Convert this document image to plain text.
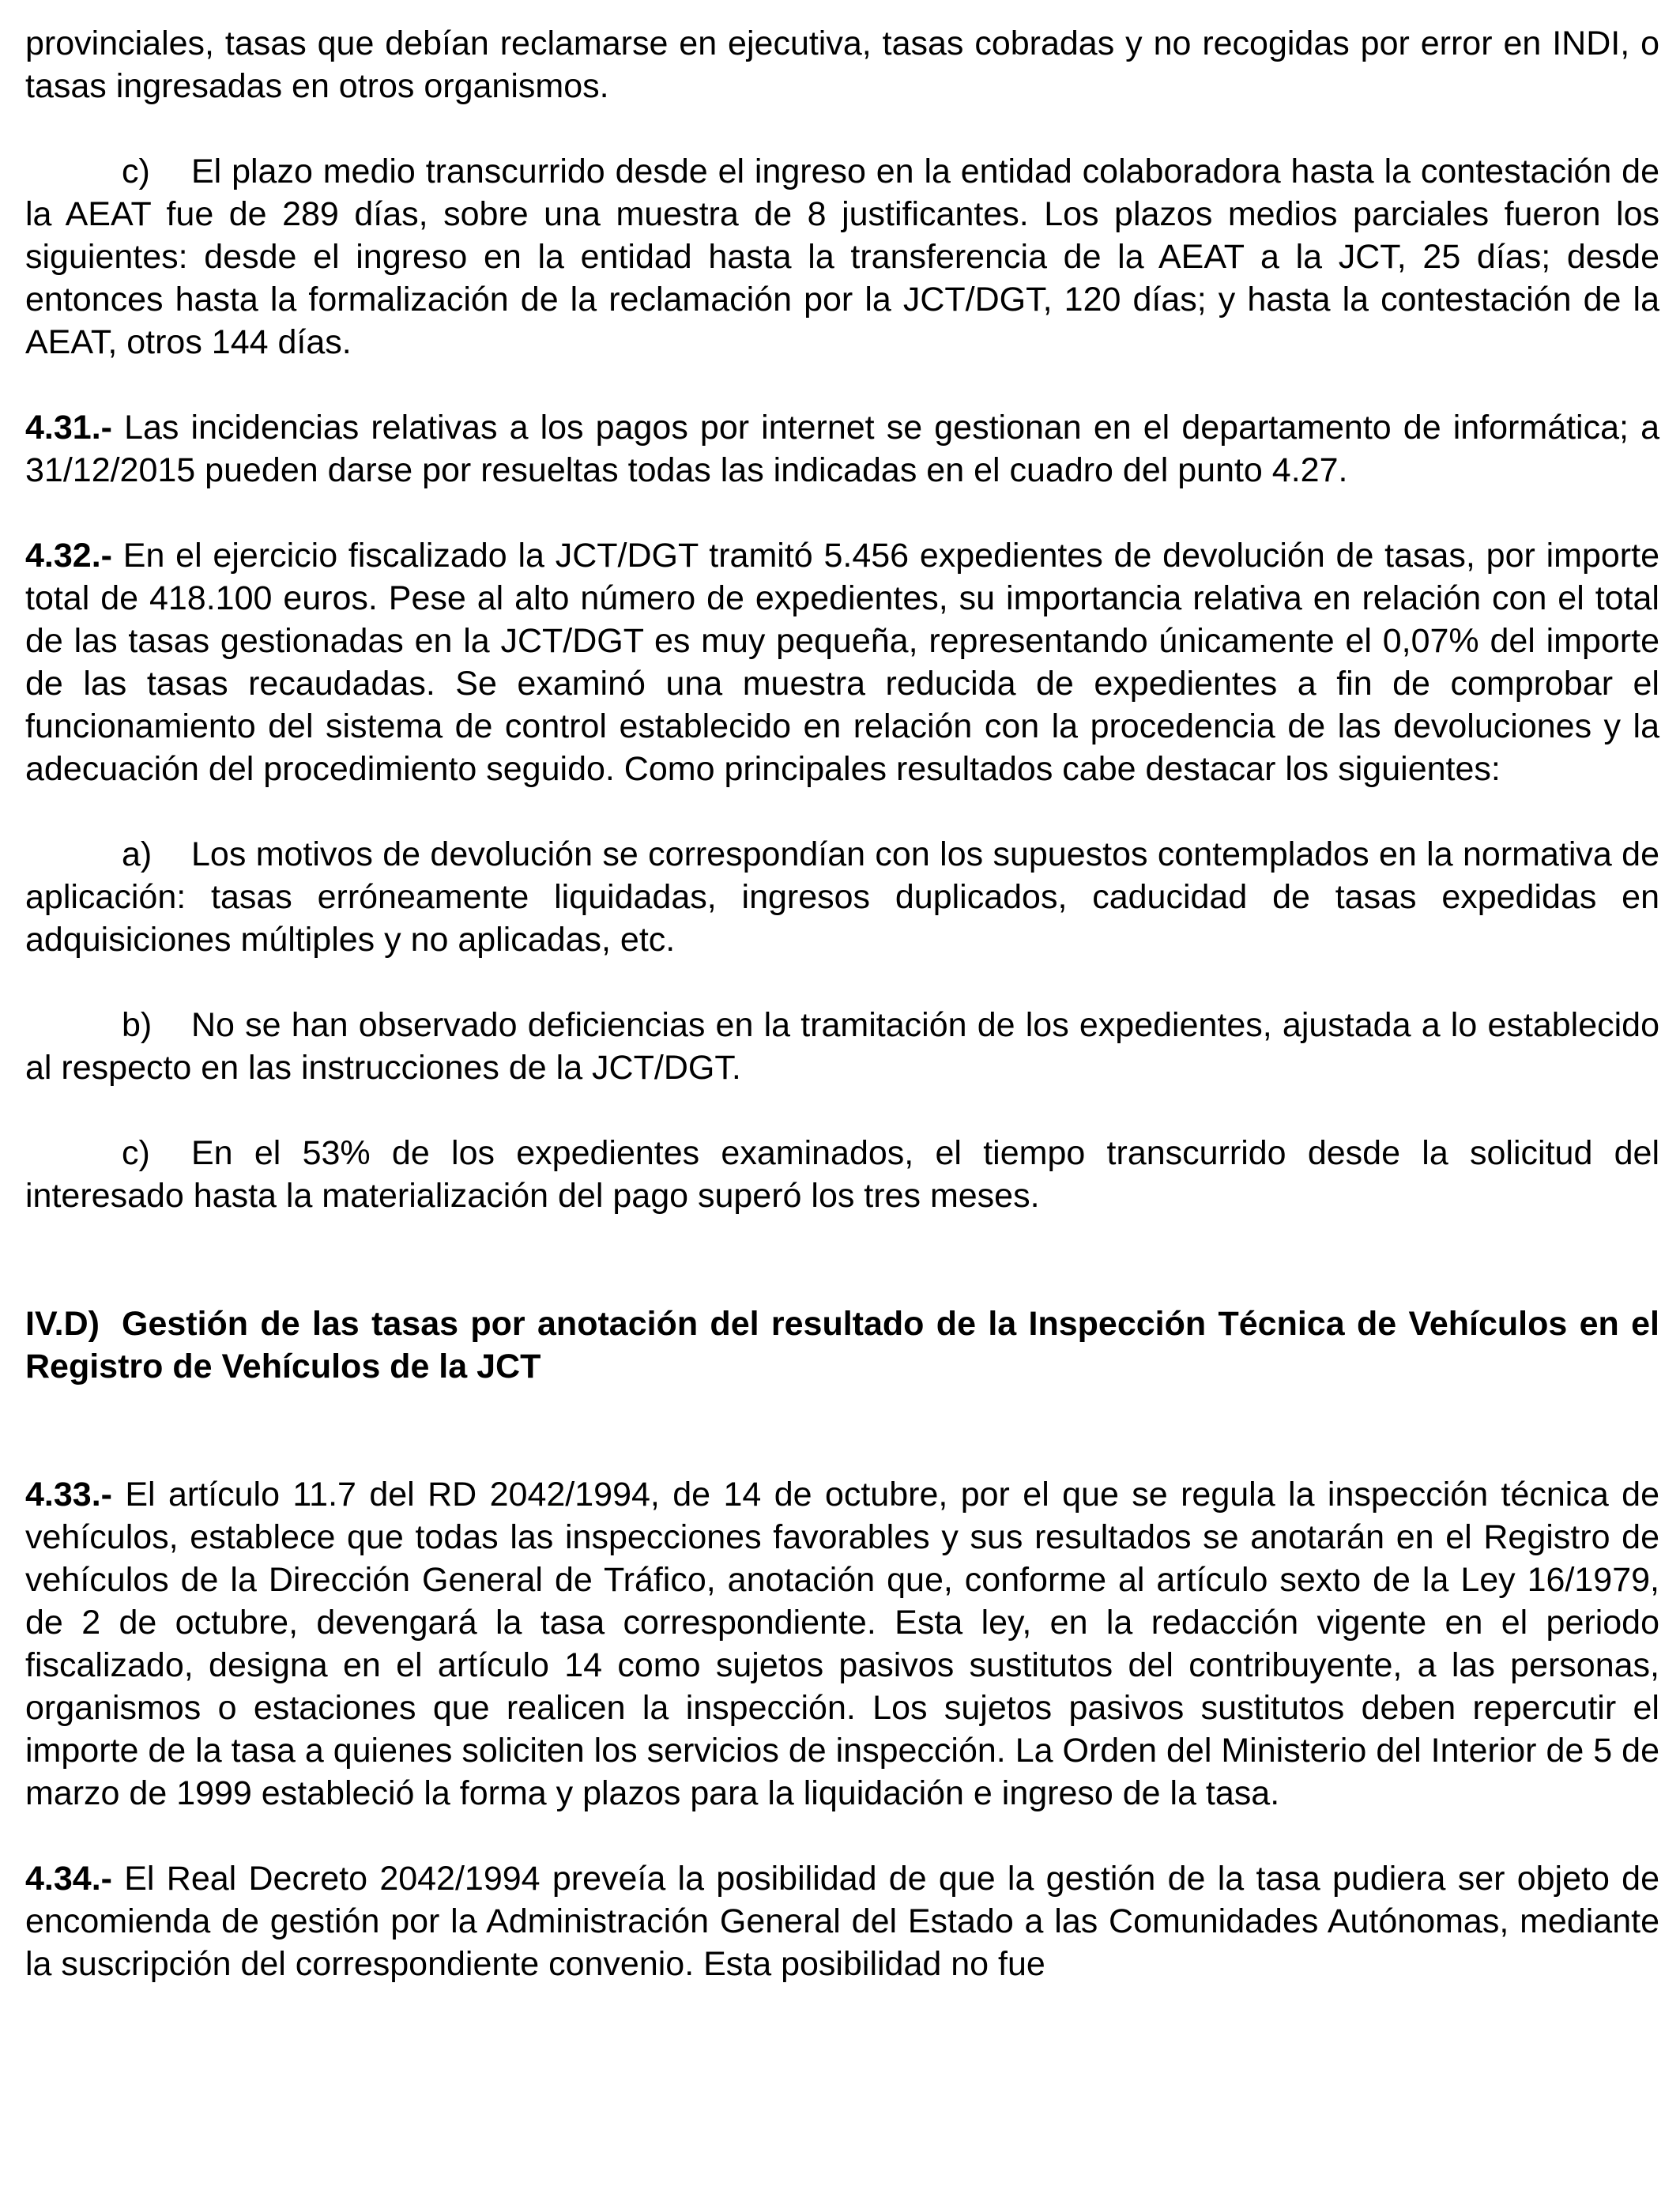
provinciales, tasas que debían reclamarse en ejecutiva, tasas cobradas y no recogidas por error en INDI, o tasas ingresadas en otros organismos.

c) El plazo medio transcurrido desde el ingreso en la entidad colaboradora hasta la contestación de la AEAT fue de 289 días, sobre una muestra de 8 justificantes. Los plazos medios parciales fueron los siguientes: desde el ingreso en la entidad hasta la transferencia de la AEAT a la JCT, 25 días; desde entonces hasta la formalización de la reclamación por la JCT/DGT, 120 días; y hasta la contestación de la AEAT, otros 144 días.

4.31.- Las incidencias relativas a los pagos por internet se gestionan en el departamento de informática; a 31/12/2015 pueden darse por resueltas todas las indicadas en el cuadro del punto 4.27.

4.32.- En el ejercicio fiscalizado la JCT/DGT tramitó 5.456 expedientes de devolución de tasas, por importe total de 418.100 euros. Pese al alto número de expedientes, su importancia relativa en relación con el total de las tasas gestionadas en la JCT/DGT es muy pequeña, representando únicamente el 0,07% del importe de las tasas recaudadas. Se examinó una muestra reducida de expedientes a fin de comprobar el funcionamiento del sistema de control establecido en relación con la procedencia de las devoluciones y la adecuación del procedimiento seguido. Como principales resultados cabe destacar los siguientes:

a) Los motivos de devolución se correspondían con los supuestos contemplados en la normativa de aplicación: tasas erróneamente liquidadas, ingresos duplicados, caducidad de tasas expedidas en adquisiciones múltiples y no aplicadas, etc.

b) No se han observado deficiencias en la tramitación de los expedientes, ajustada a lo establecido al respecto en las instrucciones de la JCT/DGT.

c) En el 53% de los expedientes examinados, el tiempo transcurrido desde la solicitud del interesado hasta la materialización del pago superó los tres meses.

IV.D) Gestión de las tasas por anotación del resultado de la Inspección Técnica de Vehículos en el Registro de Vehículos de la JCT

4.33.- El artículo 11.7 del RD 2042/1994, de 14 de octubre, por el que se regula la inspección técnica de vehículos, establece que todas las inspecciones favorables y sus resultados se anotarán en el Registro de vehículos de la Dirección General de Tráfico, anotación que, conforme al artículo sexto de la Ley 16/1979, de 2 de octubre, devengará la tasa correspondiente. Esta ley, en la redacción vigente en el periodo fiscalizado, designa en el artículo 14 como sujetos pasivos sustitutos del contribuyente, a las personas, organismos o estaciones que realicen la inspección. Los sujetos pasivos sustitutos deben repercutir el importe de la tasa a quienes soliciten los servicios de inspección. La Orden del Ministerio del Interior de 5 de marzo de 1999 estableció la forma y plazos para la liquidación e ingreso de la tasa.

4.34.- El Real Decreto 2042/1994 preveía la posibilidad de que la gestión de la tasa pudiera ser objeto de encomienda de gestión por la Administración General del Estado a las Comunidades Autónomas, mediante la suscripción del correspondiente convenio. Esta posibilidad no fue
